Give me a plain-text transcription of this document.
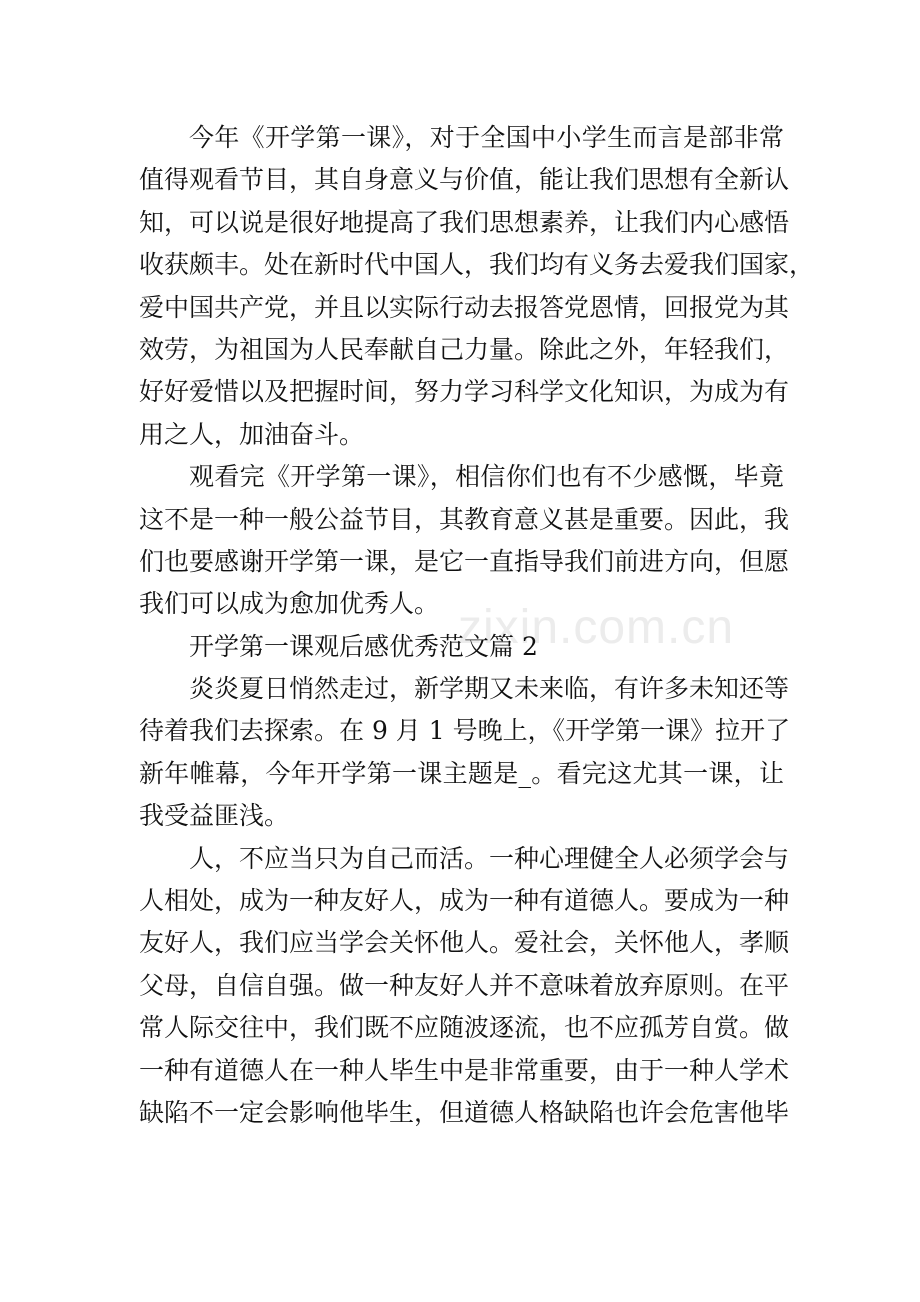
zixin.com.cn
今年《开学第一课》，对于全国中小学生而言是部非常
值得观看节目，其自身意义与价值，能让我们思想有全新认
知，可以说是很好地提高了我们思想素养，让我们内心感悟
收获颇丰。处在新时代中国人，我们均有义务去爱我们国家，
爱中国共产党，并且以实际行动去报答党恩情，回报党为其
效劳，为祖国为人民奉献自己力量。除此之外，年轻我们，
好好爱惜以及把握时间，努力学习科学文化知识，为成为有
用之人，加油奋斗。
观看完《开学第一课》，相信你们也有不少感慨，毕竟
这不是一种一般公益节目，其教育意义甚是重要。因此，我
们也要感谢开学第一课，是它一直指导我们前进方向，但愿
我们可以成为愈加优秀人。
开学第一课观后感优秀范文篇 2
炎炎夏日悄然走过，新学期又未来临，有许多未知还等
待着我们去探索。在 9 月 1 号晚上，《开学第一课》拉开了
新年帷幕，今年开学第一课主题是_。看完这尤其一课，让
我受益匪浅。
人，不应当只为自己而活。一种心理健全人必须学会与
人相处，成为一种友好人，成为一种有道德人。要成为一种
友好人，我们应当学会关怀他人。爱社会，关怀他人，孝顺
父母，自信自强。做一种友好人并不意味着放弃原则。在平
常人际交往中，我们既不应随波逐流，也不应孤芳自赏。做
一种有道德人在一种人毕生中是非常重要，由于一种人学术
缺陷不一定会影响他毕生，但道德人格缺陷也许会危害他毕
